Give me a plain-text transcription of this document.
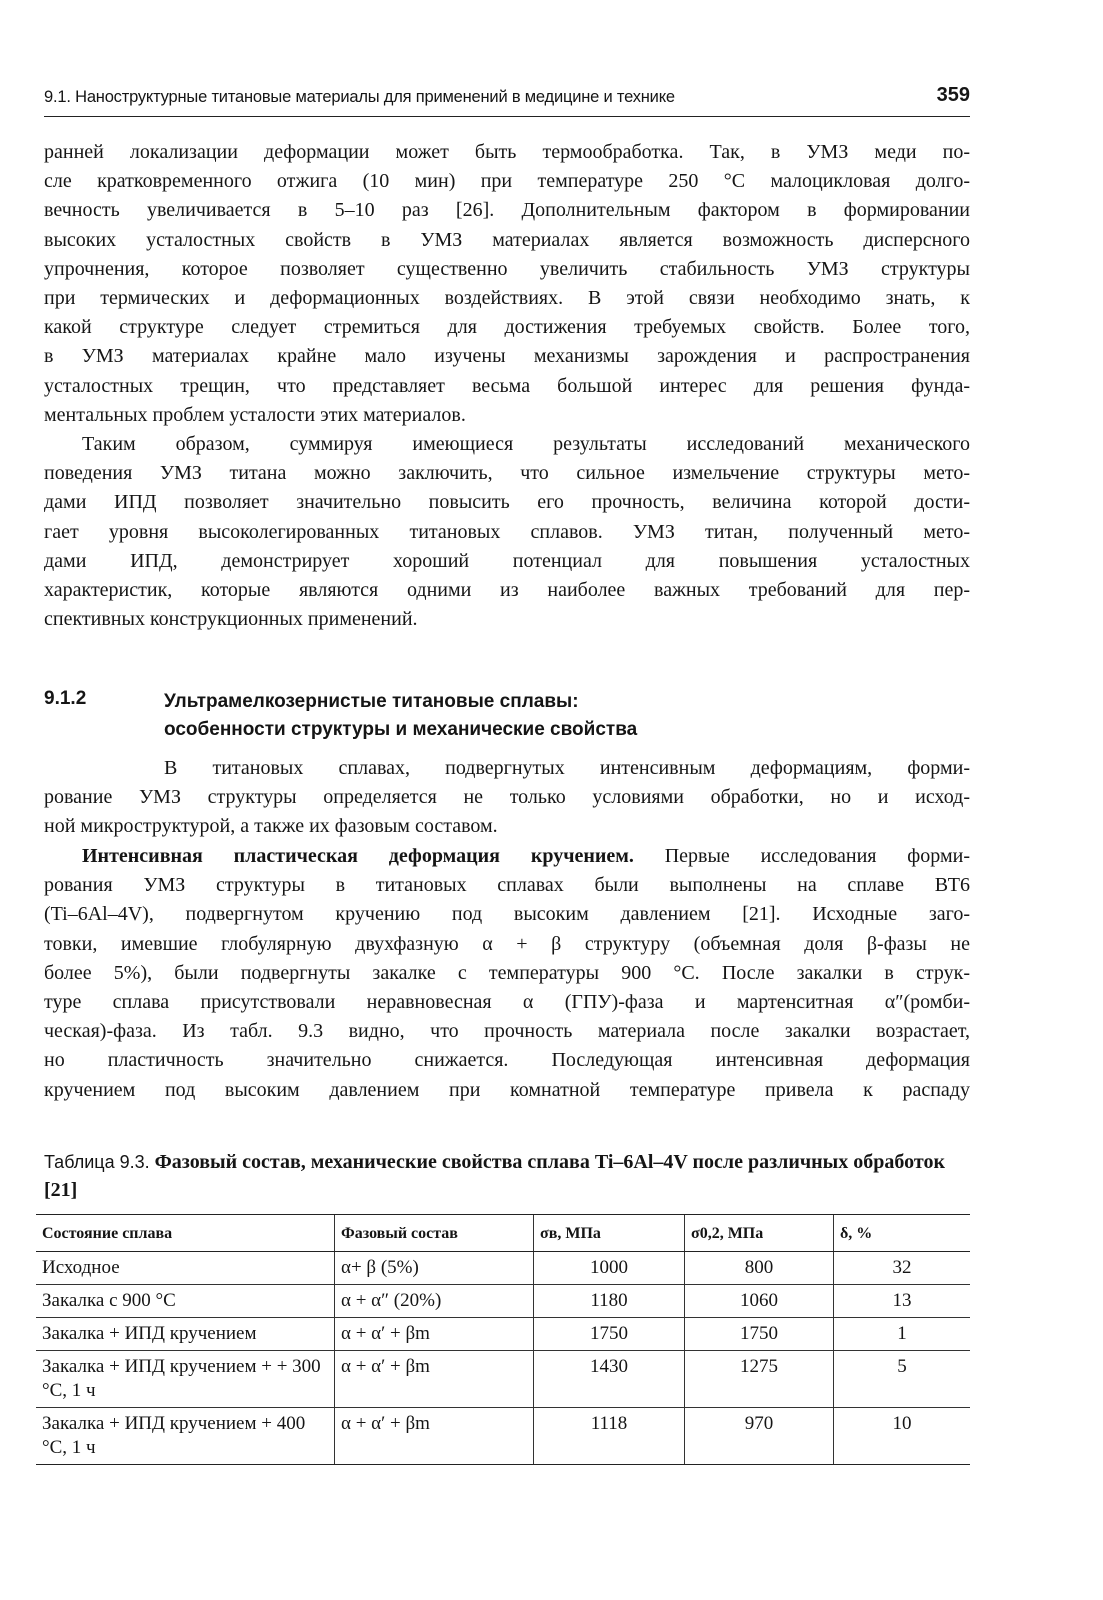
9.1. Наноструктурные титановые материалы для применений в медицине и технике	359

ранней локализации деформации может быть термообработка. Так, в УМЗ меди по-
сле кратковременного отжига (10 мин) при температуре 250 °С малоцикловая долго-
вечность увеличивается в 5–10 раз [26]. Дополнительным фактором в формировании
высоких усталостных свойств в УМЗ материалах является возможность дисперсного
упрочнения, которое позволяет существенно увеличить стабильность УМЗ структуры
при термических и деформационных воздействиях. В этой связи необходимо знать, к
какой структуре следует стремиться для достижения требуемых свойств. Более того,
в УМЗ материалах крайне мало изучены механизмы зарождения и распространения
усталостных трещин, что представляет весьма большой интерес для решения фунда-
ментальных проблем усталости этих материалов.

Таким образом, суммируя имеющиеся результаты исследований механического
поведения УМЗ титана можно заключить, что сильное измельчение структуры мето-
дами ИПД позволяет значительно повысить его прочность, величина которой дости-
гает уровня высоколегированных титановых сплавов. УМЗ титан, полученный мето-
дами ИПД, демонстрирует хороший потенциал для повышения усталостных
характеристик, которые являются одними из наиболее важных требований для пер-
спективных конструкционных применений.

9.1.2	Ультрамелкозернистые титановые сплавы:
особенности структуры и механические свойства

В титановых сплавах, подвергнутых интенсивным деформациям, форми-
рование УМЗ структуры определяется не только условиями обработки, но и исход-
ной микроструктурой, а также их фазовым составом.

Интенсивная пластическая деформация кручением. Первые исследования форми-
рования УМЗ структуры в титановых сплавах были выполнены на сплаве ВТ6
(Ti–6Al–4V), подвергнутом кручению под высоким давлением [21]. Исходные заго-
товки, имевшие глобулярную двухфазную α + β структуру (объемная доля β-фазы не
более 5%), были подвергнуты закалке с температуры 900 °С. После закалки в струк-
туре сплава присутствовали неравновесная α (ГПУ)-фаза и мартенситная α″(ромби-
ческая)-фаза. Из табл. 9.3 видно, что прочность материала после закалки возрастает,
но пластичность значительно снижается. Последующая интенсивная деформация
кручением под высоким давлением при комнатной температуре привела к распаду

Таблица 9.3. Фазовый состав, механические свойства сплава Ti–6Al–4V после различных обработок [21]
Состояние сплава	Фазовый состав	σв, МПа	σ0,2, МПа	δ, %
Исходное	α+ β (5%)	1000	800	32
Закалка с 900 °С	α + α″ (20%)	1180	1060	13
Закалка + ИПД кручением	α + α′ + βm	1750	1750	1
Закалка + ИПД кручением + + 300 °С, 1 ч	α + α′ + βm	1430	1275	5
Закалка + ИПД кручением + 400 °С, 1 ч	α + α′ + βm	1118	970	10
